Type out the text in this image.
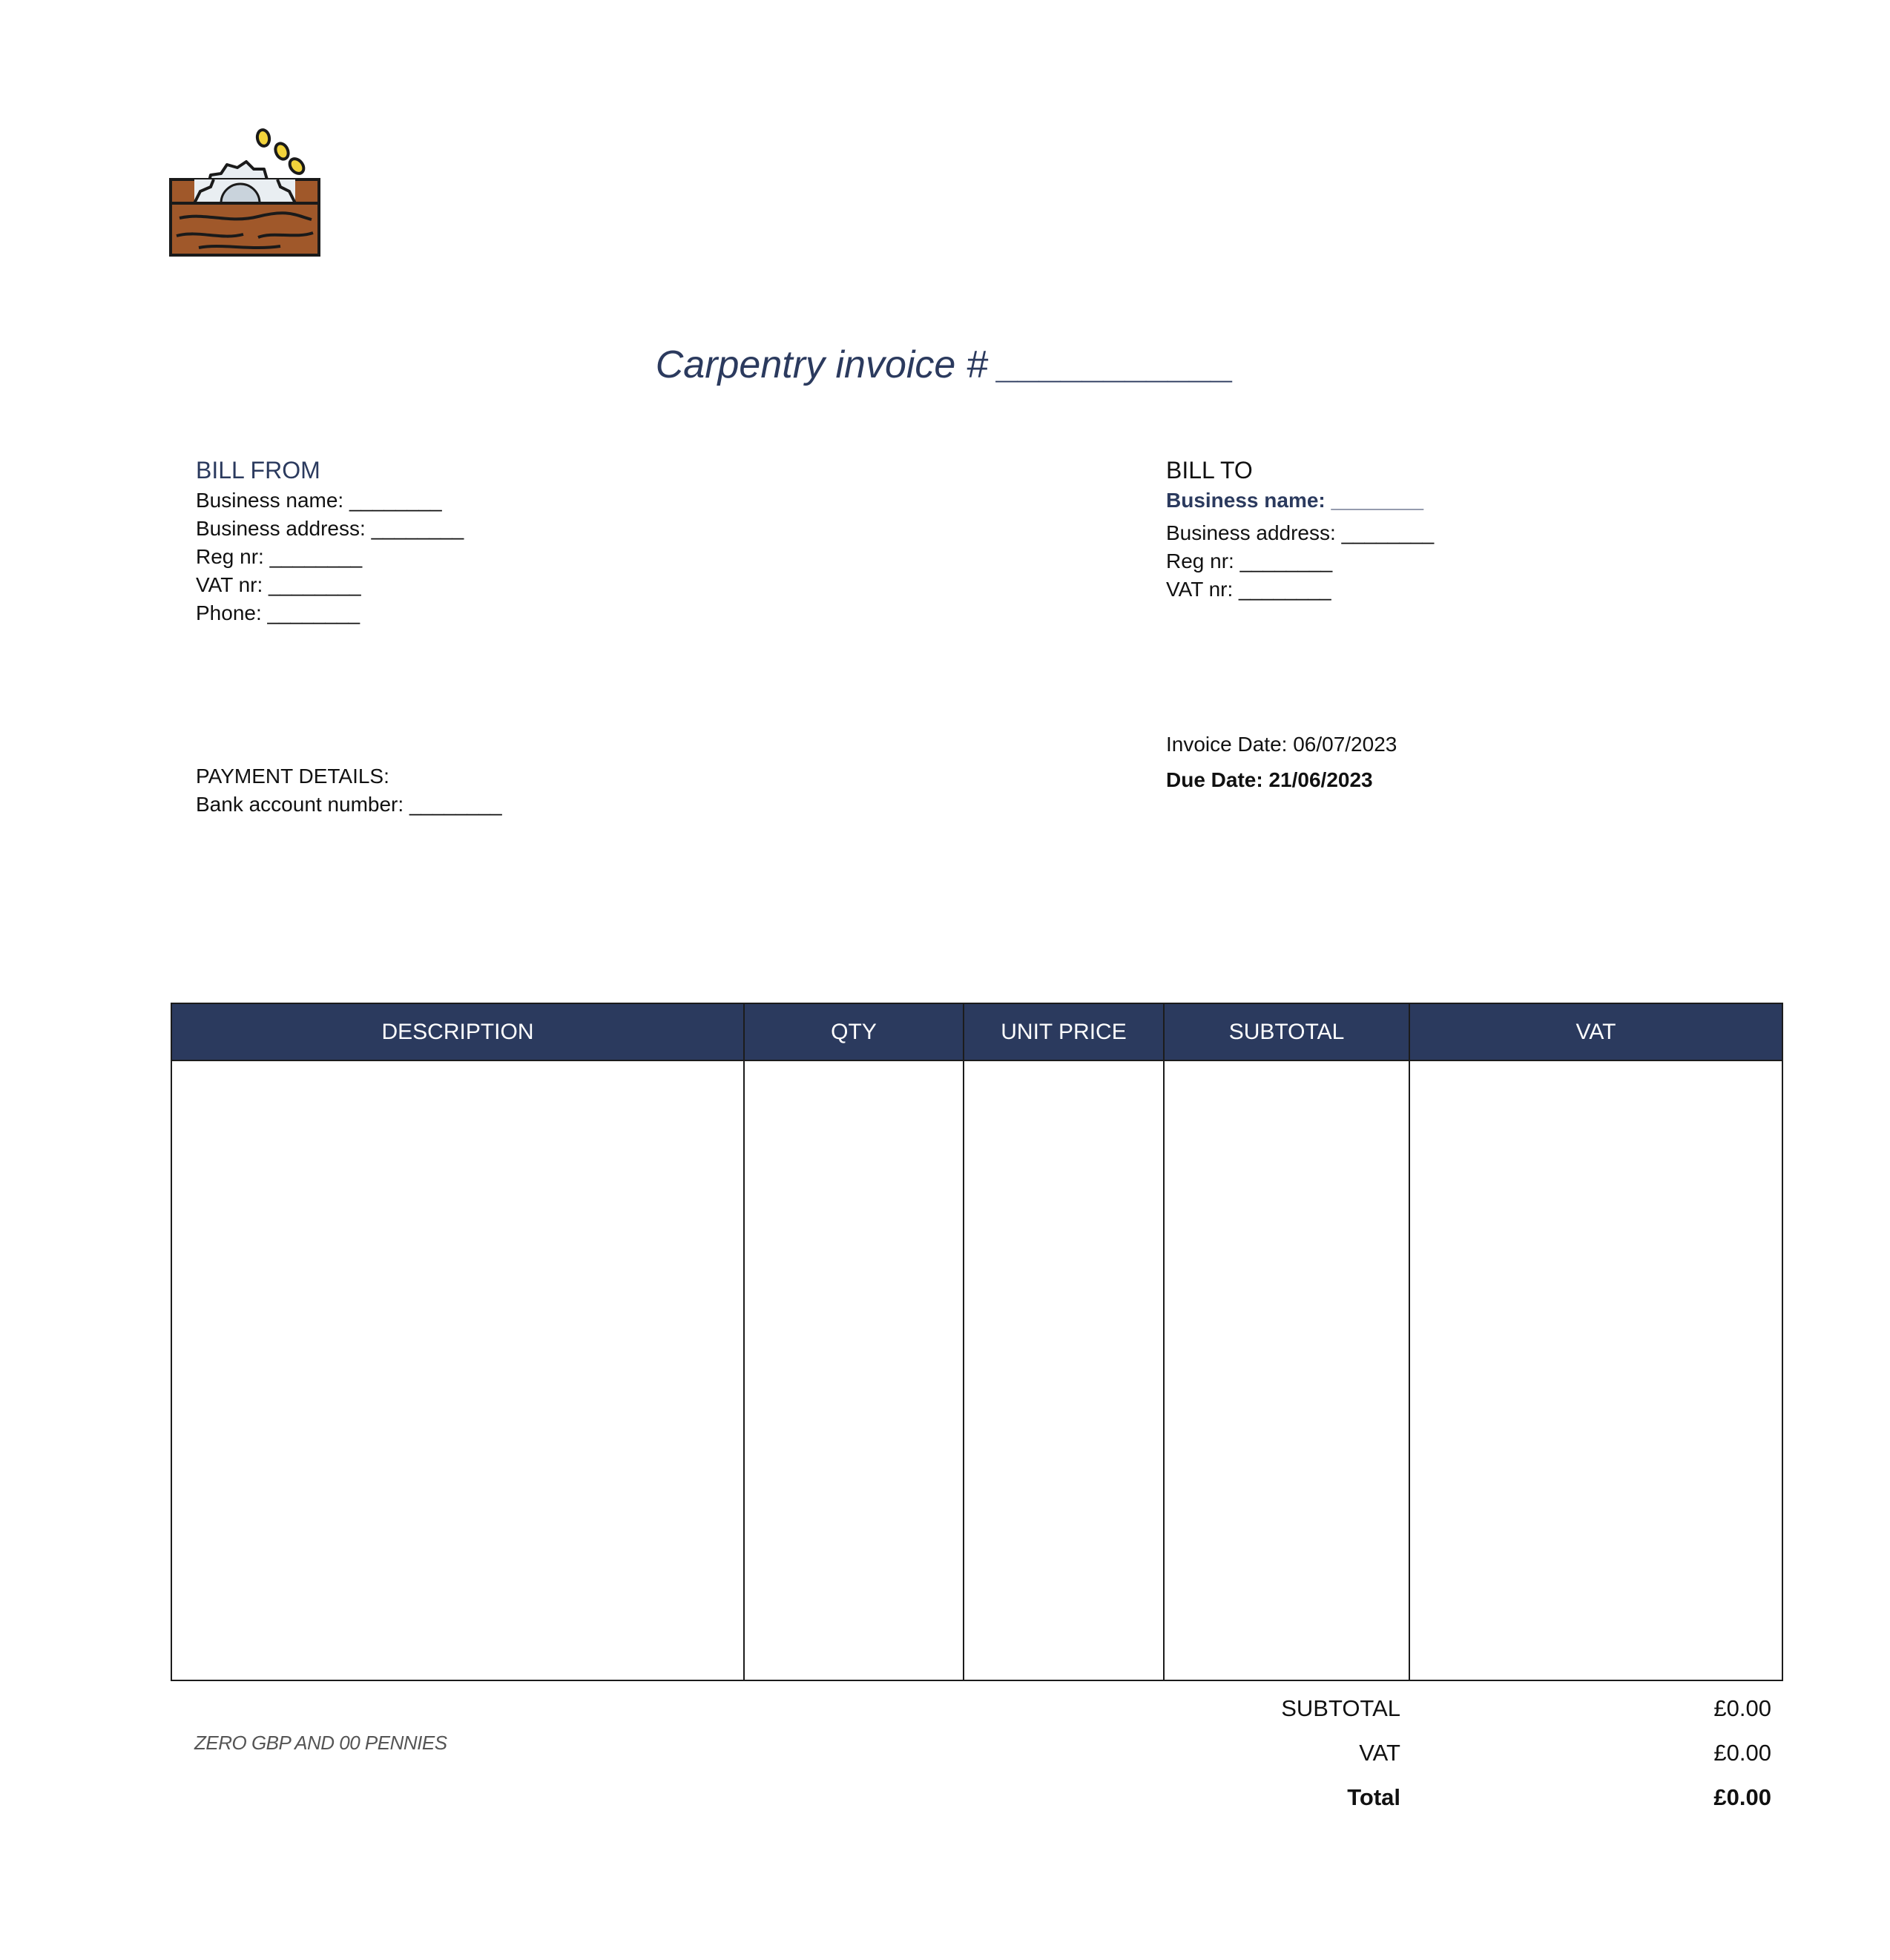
Carpentry invoice # ___________
BILL FROM
Business name: ________
Business address: ________
Reg nr: ________
VAT nr: ________
Phone: ________
BILL TO
Business name: ________
Business address: ________
Reg nr: ________
VAT nr: ________
PAYMENT DETAILS:
Bank account number: ________
Invoice Date: 06/07/2023
Due Date: 21/06/2023
DESCRIPTION	QTY	UNIT PRICE	SUBTOTAL	VAT
ZERO GBP AND 00 PENNIES
SUBTOTAL	£0.00
VAT	£0.00
Total	£0.00
